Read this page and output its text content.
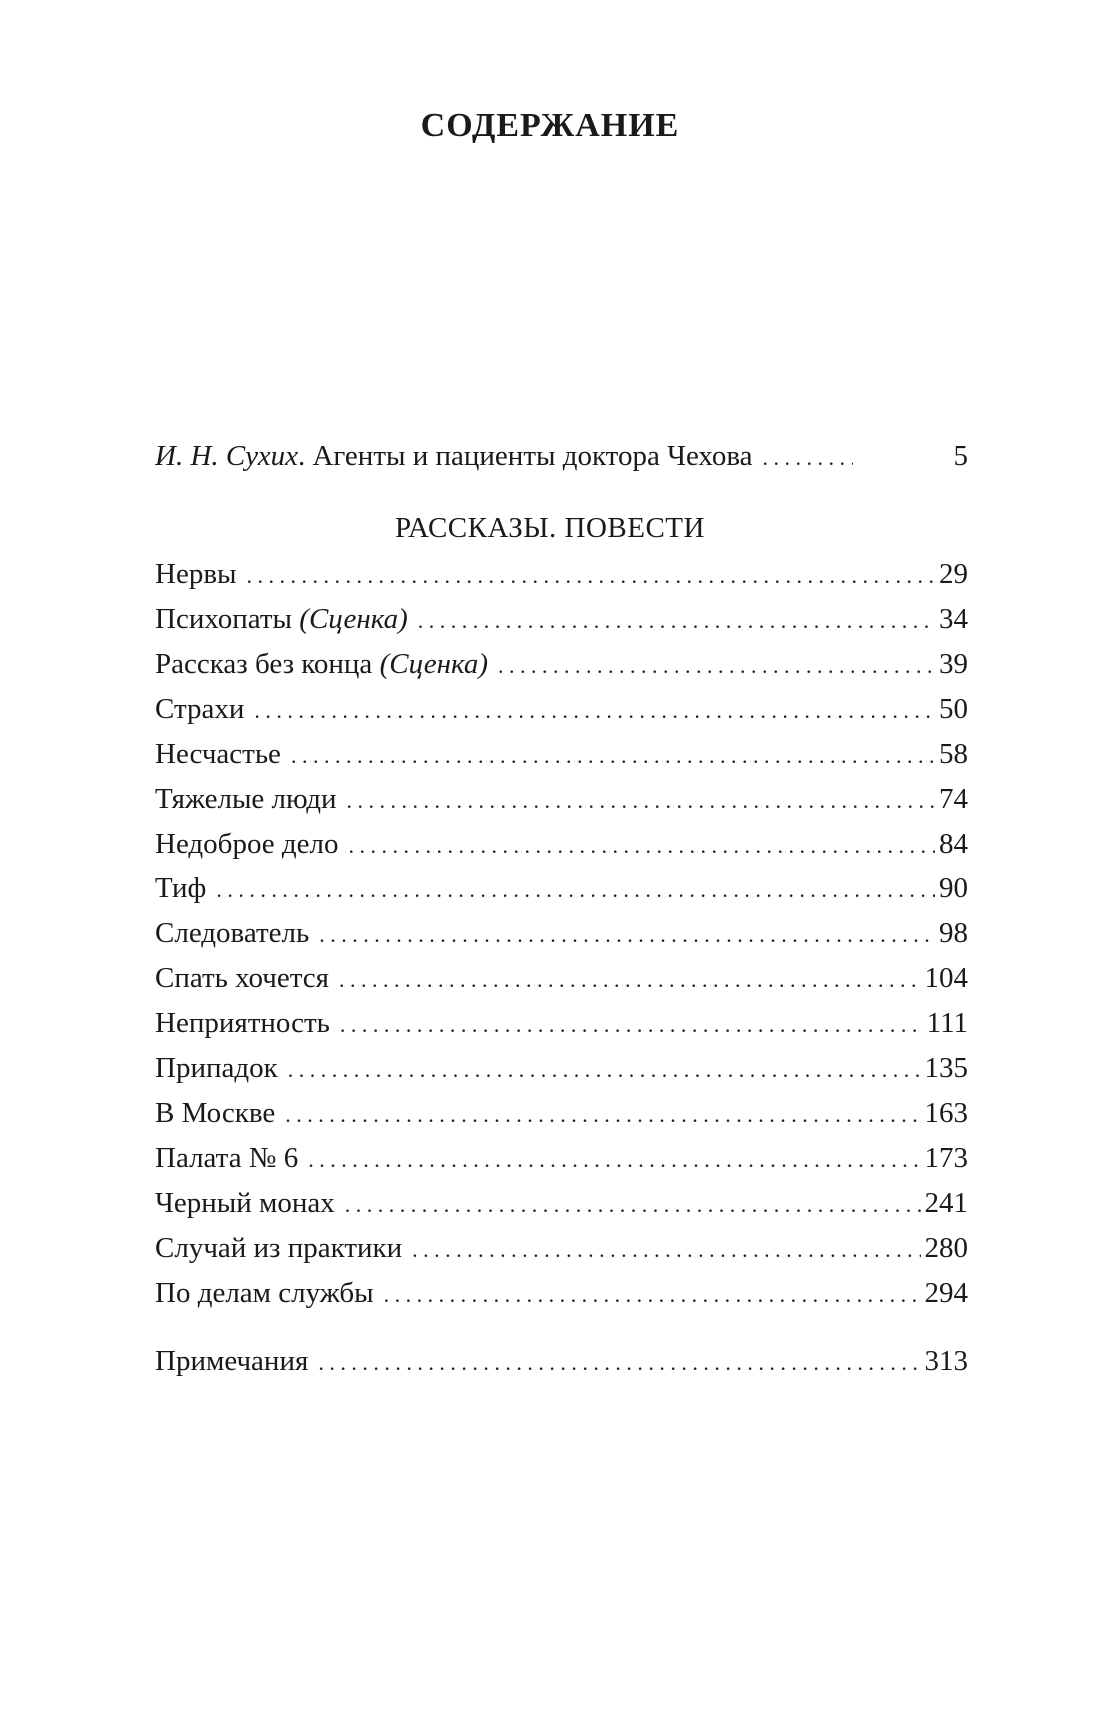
СОДЕРЖАНИЕ
И. Н. Сухих. Агенты и пациенты доктора Чехова . . .	5
Нервы . . .	29
Психопаты (Сценка) . . .	34
Рассказ без конца (Сценка) . . .	39
Страхи . . .	50
Несчастье . . .	58
Тяжелые люди . . .	74
Недоброе дело . . .	84
Тиф . . .	90
Следователь . . .	98
Спать хочется . . .	104
Неприятность . . .	111
Припадок . . .	135
В Москве . . .	163
Палата № 6 . . .	173
Черный монах . . .	241
Случай из практики . . .	280
По делам службы . . .	294
Примечания . . .	313
РАССКАЗЫ. ПОВЕСТИ
